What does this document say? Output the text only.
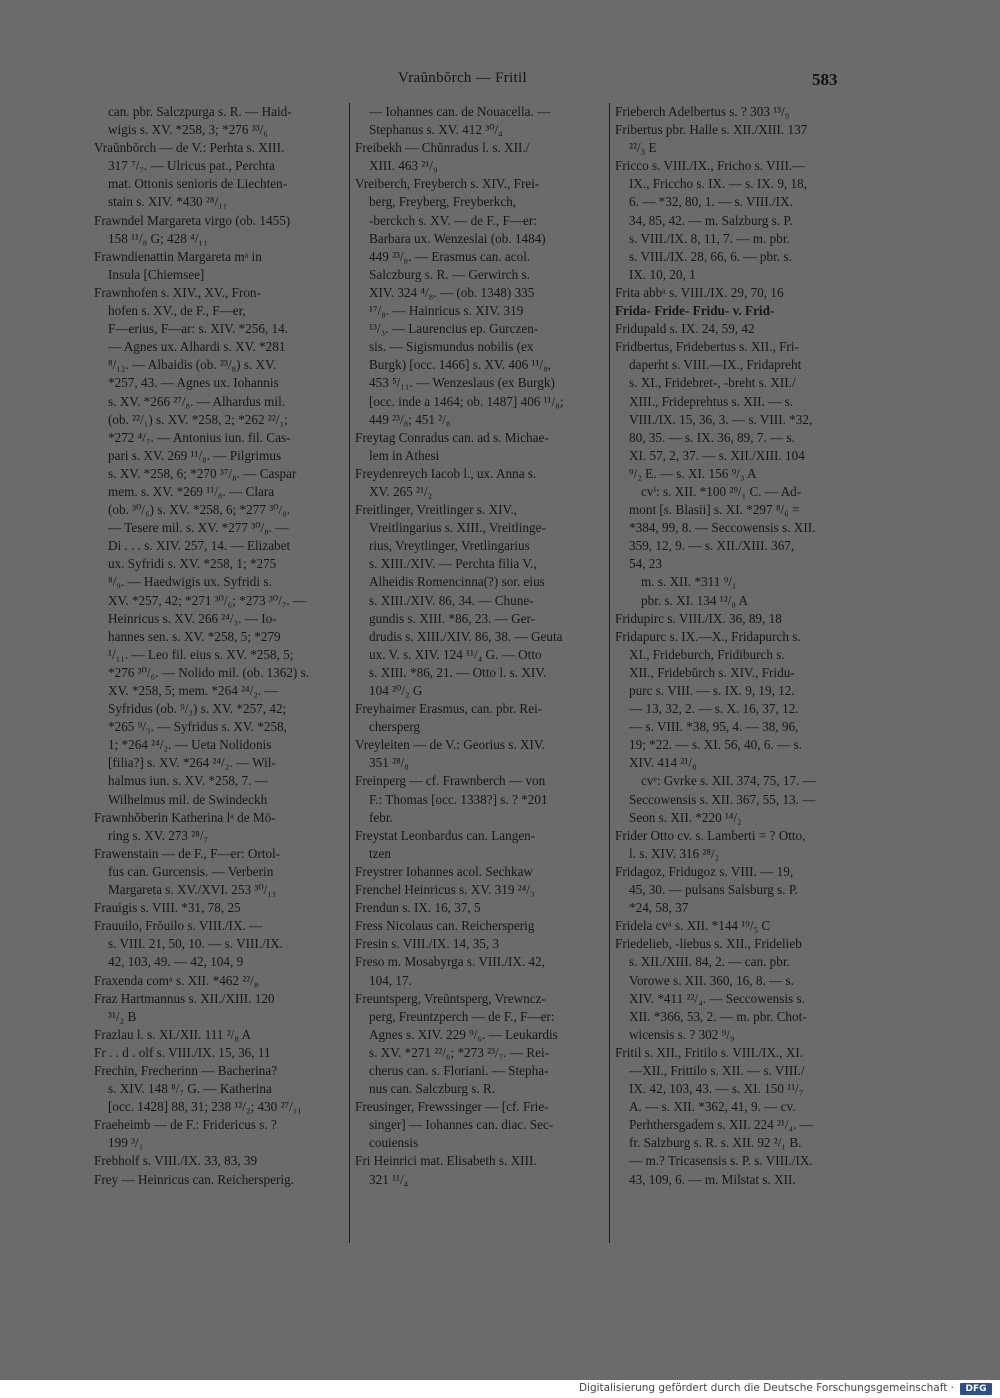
Vraŭnbŏrch — Fritil	583
can. pbr. Salczpurga s. R. — Haid-
wigis s. XV. *258, 3; *276 ³³/₆
Vraŭnbŏrch — de V.: Perhta s. XIII.
317 ⁷/₇. — Ulricus pat., Perchta
mat. Ottonis senioris de Liechten-
stain s. XIV. *430 ²⁸/₁₁
Frawndel Margareta virgo (ob. 1455)
158 ¹¹/₈ G; 428 ⁴/₁₁
Frawndienattin Margareta mᵃ in
Insula [Chiemsee]
Frawnhofen s. XIV., XV., Fron-
hofen s. XV., de F., F—er,
F—erius, F—ar: s. XIV. *256, 14.
— Agnes ux. Alhardi s. XV. *281
⁸/₁₂. — Albaidis (ob. ²³/₈) s. XV.
*257, 43. — Agnes ux. Iohannis
s. XV. *266 ²⁷/₈. — Alhardus mil.
(ob. ²²/₁) s. XV. *258, 2; *262 ²²/₁;
*272 ⁴/₇. — Antonius iun. fil. Cas-
pari s. XV. 269 ¹¹/₈. — Pilgrimus
s. XV. *258, 6; *270 ³⁷/₈. — Caspar
mem. s. XV. *269 ¹¹/₈. — Clara
(ob. ³⁰/₆) s. XV. *258, 6; *277 ³⁰/₈.
— Tesere mil. s. XV. *277 ³⁰/₈. —
Di . . . s. XIV. 257, 14. — Elizabet
ux. Syfridi s. XV. *258, 1; *275
⁸/₉. — Haedwigis ux. Syfridi s.
XV. *257, 42; *271 ³⁰/₆; *273 ³⁰/₇. —
Heinricus s. XV. 266 ²⁴/₃. — Io-
hannes sen. s. XV. *258, 5; *279
¹/₁₁. — Leo fil. eius s. XV. *258, 5;
*276 ³⁰/₆. — Nolido mil. (ob. 1362) s.
XV. *258, 5; mem. *264 ²⁴/₂. —
Syfridus (ob. ⁹/₃) s. XV. *257, 42;
*265 ⁹/₃. — Syfridus s. XV. *258,
1; *264 ²⁴/₂. — Ueta Nolidonis
[filia?] s. XV. *264 ²⁴/₂. — Wil-
halmus iun. s. XV. *258, 7. —
Wilhelmus mil. de Swindeckh
Frawnhŏberin Katherina lᵃ de Mö-
ring s. XV. 273 ²⁸/₇
Frawenstain — de F., F—er: Ortol-
fus can. Gurcensis. — Verberin
Margareta s. XV./XVI. 253 ³⁰/₁₁
Frauigis s. VIII. *31, 78, 25
Frauuilo, Frŏuilo s. VIII./IX. —
s. VIII. 21, 50, 10. — s. VIII./IX.
42, 103, 49. — 42, 104, 9
Fraxenda comᵃ s. XII. *462 ²²/₈
Fraz Hartmannus s. XII./XIII. 120
³¹/₂ B
Frazlau l. s. XI./XII. 111 ²/₈ A
Fr . . d . olf s. VIII./IX. 15, 36, 11
Frechin, Frecherinn — Bacherina?
s. XIV. 148 ⁸/₇ G. — Katherina
[occ. 1428] 88, 31; 238 ¹²/₂; 430 ²⁷/₁₁
Fraeheimb — de F.: Fridericus s. ?
199 ³/₁
Frebholf s. VIII./IX. 33, 83, 39
Frey — Heinricus can. Reichersperig.
— Iohannes can. de Nouacella. —
Stephanus s. XV. 412 ³⁰/₄
Freibekh — Chŭnradus l. s. XII./
XIII. 463 ²¹/₉
Vreiberch, Freyberch s. XIV., Frei-
berg, Freyberg, Freyberkch,
-berckch s. XV. — de F., F—er:
Barbara ux. Wenzeslai (ob. 1484)
449 ²³/₈. — Erasmus can. acol.
Salczburg s. R. — Gerwirch s.
XIV. 324 ⁴/₈. — (ob. 1348) 335
¹⁷/₈. — Hainricus s. XIV. 319
¹³/₃. — Laurencius ep. Gurczen-
sis. — Sigismundus nobilis (ex
Burgk) [occ. 1466] s. XV. 406 ¹¹/₈,
453 ⁵/₁₁. — Wenzeslaus (ex Burgk)
[occ. inde a 1464; ob. 1487] 406 ¹¹/₈;
449 ²³/₈; 451 ²/₈
Freytag Conradus can. ad s. Michae-
lem in Athesi
Freydenreych Iacob l., ux. Anna s.
XV. 265 ²¹/₂
Freitlinger, Vreitlinger s. XIV.,
Vreitlingarius s. XIII., Vreitlinge-
rius, Vreytlinger, Vretlingarius
s. XIII./XIV. — Perchta filia V.,
Alheidis Romencinna(?) sor. eius
s. XIII./XIV. 86, 34. — Chune-
gundis s. XIII. *86, 23. — Ger-
drudis s. XIII./XIV. 86, 38. — Geuta
ux. V. s. XIV. 124 ¹¹/₄ G. — Otto
s. XIII. *86, 21. — Otto l. s. XIV.
104 ²⁰/₂ G
Freyhaimer Erasmus, can. pbr. Rei-
chersperg
Vreyleiten — de V.: Georius s. XIV.
351 ²⁸/₈
Freinperg — cf. Frawnberch — von
F.: Thomas [occ. 1338?] s. ? *201
febr.
Freystat Leonbardus can. Langen-
tzen
Freystrer Iohannes acol. Sechkaw
Frenchel Heinricus s. XV. 319 ²⁴/₃
Frendun s. IX. 16, 37, 5
Fress Nicolaus can. Reichersperig
Fresin s. VIII./IX. 14, 35, 3
Freso m. Mosabyrga s. VIII./IX. 42,
104, 17.
Freuntsperg, Vreŭntsperg, Vrewncz-
perg, Freuntzperch — de F., F—er:
Agnes s. XIV. 229 ⁹/₆. — Leukardis
s. XV. *271 ²²/₆; *273 ²³/₇. — Rei-
cherus can. s. Floriani. — Stepha-
nus can. Salczburg s. R.
Freusinger, Frewssinger — [cf. Frie-
singer] — Iohannes can. diac. Sec-
couiensis
Fri Heinrici mat. Elisabeth s. XIII.
321 ¹¹/₄
Frieberch Adelbertus s. ? 303 ¹³/₉
Fribertus pbr. Halle s. XII./XIII. 137
²²/₃ E
Fricco s. VIII./IX., Fricho s. VIII.—
IX., Friccho s. IX. — s. IX. 9, 18,
6. — *32, 80, 1. — s. VIII./IX.
34, 85, 42. — m. Salzburg s. P.
s. VIII./IX. 8, 11, 7. — m. pbr.
s. VIII./IX. 28, 66, 6. — pbr. s.
IX. 10, 20, 1
Frita abbᵃ s. VIII./IX. 29, 70, 16
Frida- Fride- Fridu- v. Frid-
Fridupald s. IX. 24, 59, 42
Fridbertus, Fridebertus s. XII., Fri-
daperht s. VIII.—IX., Fridapreht
s. XI., Fridebret-, -breht s. XII./
XIII., Frideprehtus s. XII. — s.
VIII./IX. 15, 36, 3. — s. VIII. *32,
80, 35. — s. IX. 36, 89, 7. — s.
XI. 57, 2, 37. — s. XII./XIII. 104
⁹/₂ E. — s. XI. 156 ⁹/₃ A
cvⁱ: s. XII. *100 ²⁹/₁ C. — Ad-
mont [s. Blasii] s. XI. *297 ⁸/₆ =
*384, 99, 8. — Seccowensis s. XII.
359, 12, 9. — s. XII./XIII. 367,
54, 23
m. s. XII. *311 ⁹/₁
pbr. s. XI. 134 ¹²/₈ A
Fridupirc s. VIII./IX. 36, 89, 18
Fridapurc s. IX.—X., Fridapurch s.
XI., Frideburch, Fridiburch s.
XII., Fridebŭrch s. XIV., Fridu-
purc s. VIII. — s. IX. 9, 19, 12.
— 13, 32, 2. — s. X. 16, 37, 12.
— s. VIII. *38, 95, 4. — 38, 96,
19; *22. — s. XI. 56, 40, 6. — s.
XIV. 414 ²¹/₈
cvᵉ: Gvrke s. XII. 374, 75, 17. —
Seccowensis s. XII. 367, 55, 13. —
Seon s. XII. *220 ¹⁴/₂
Frider Otto cv. s. Lamberti = ? Otto,
l. s. XIV. 316 ²⁸/₂
Fridagoz, Fridugoz s. VIII. — 19,
45, 30. — pulsans Salsburg s. P.
*24, 58, 37
Fridela cvᵃ s. XII. *144 ¹⁹/₅ C
Friedelieb, -liebus s. XII., Fridelieb
s. XII./XIII. 84, 2. — can. pbr.
Vorowe s. XII. 360, 16, 8. — s.
XIV. *411 ²²/₄. — Seccowensis s.
XII. *366, 53, 2. — m. pbr. Chot-
wicensis s. ? 302 ⁹/₉
Fritil s. XII., Fritilo s. VIII./IX., XI.
—XII., Frittilo s. XII. — s. VIII./
IX. 42, 103, 43. — s. XI. 150 ¹¹/₇
A. — s. XII. *362, 41, 9. — cv.
Perhthersgadem s. XII. 224 ²¹/₄. —
fr. Salzburg s. R. s. XII. 92 ²/₁ B.
— m.? Tricasensis s. P. s. VIII./IX.
43, 109, 6. — m. Milstat s. XII.
Digitalisierung gefördert durch die Deutsche Forschungsgemeinschaft ·	DFG
